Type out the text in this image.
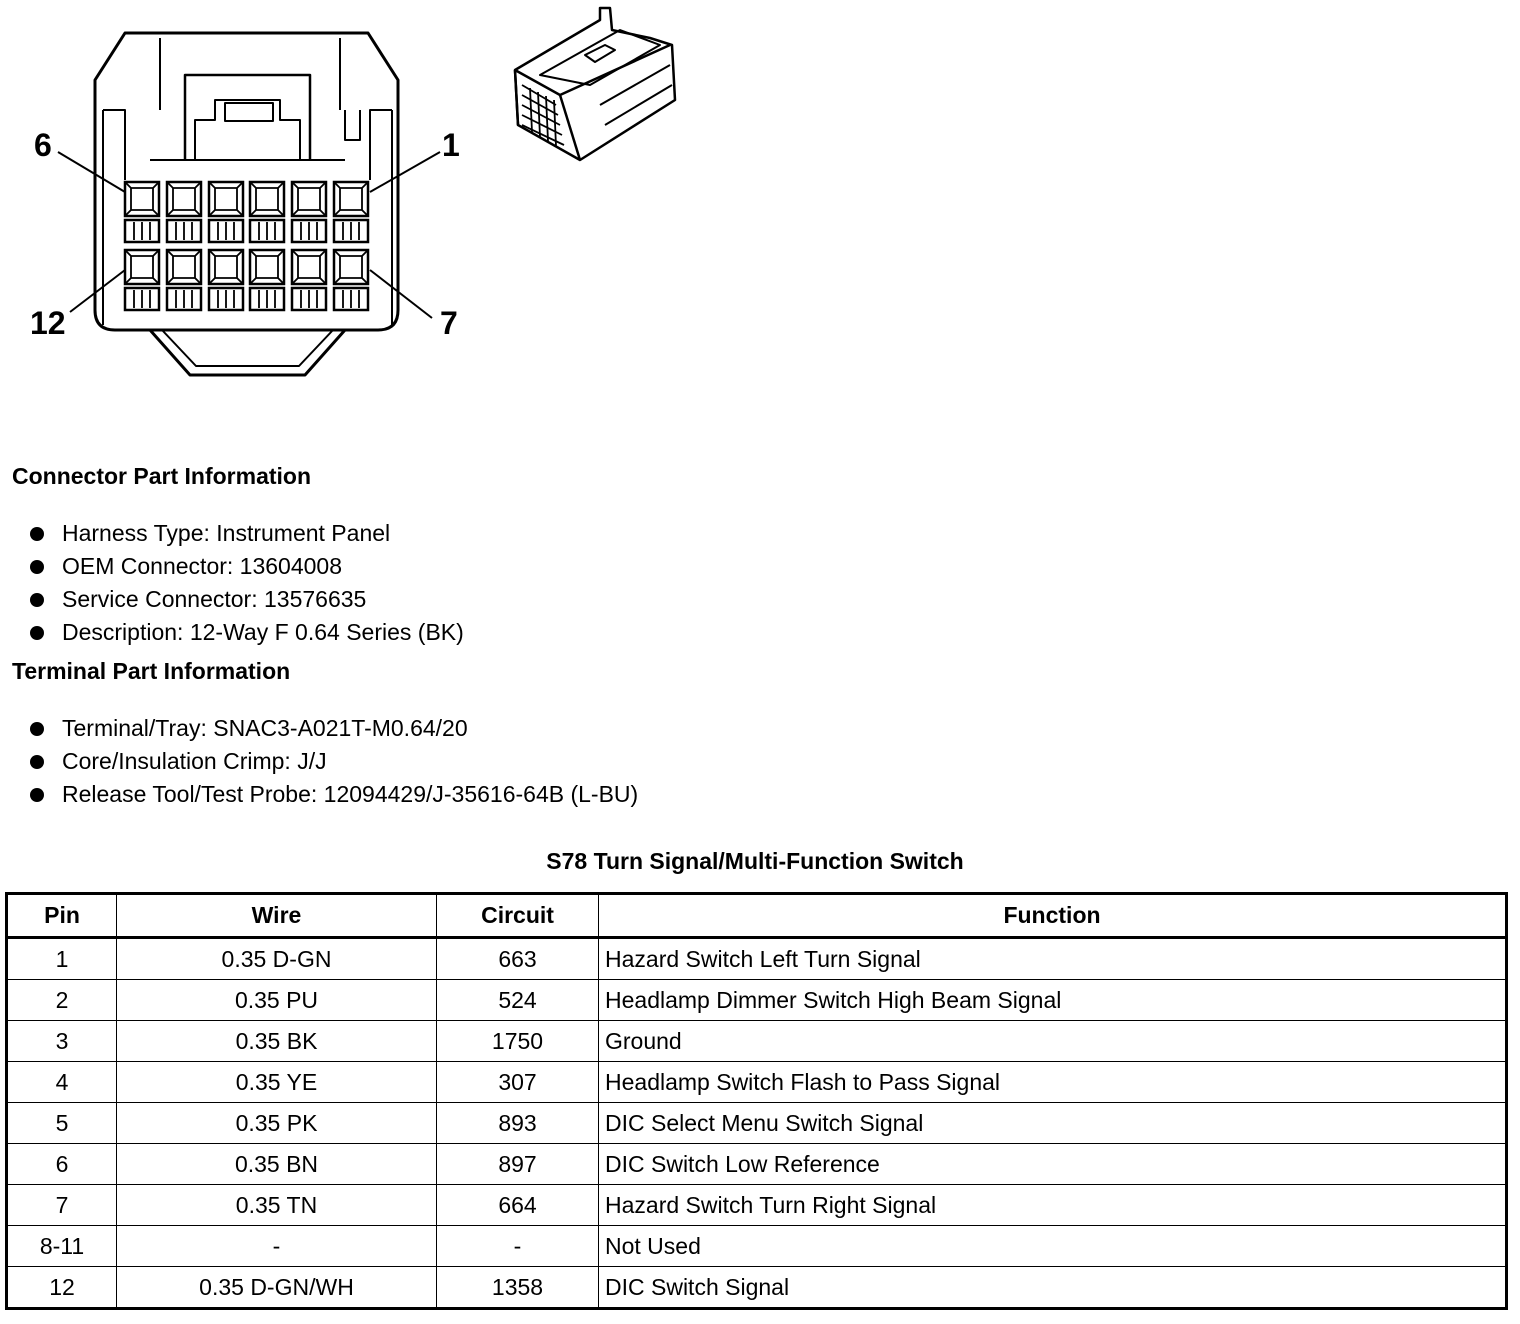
6	1
12	7
Connector Part Information
Harness Type: Instrument Panel
OEM Connector: 13604008
Service Connector: 13576635
Description: 12-Way F 0.64 Series (BK)
Terminal Part Information
Terminal/Tray: SNAC3-A021T-M0.64/20
Core/Insulation Crimp: J/J
Release Tool/Test Probe: 12094429/J-35616-64B (L-BU)
S78 Turn Signal/Multi-Function Switch
Pin	Wire	Circuit	Function
1	0.35 D-GN	663	Hazard Switch Left Turn Signal
2	0.35 PU	524	Headlamp Dimmer Switch High Beam Signal
3	0.35 BK	1750	Ground
4	0.35 YE	307	Headlamp Switch Flash to Pass Signal
5	0.35 PK	893	DIC Select Menu Switch Signal
6	0.35 BN	897	DIC Switch Low Reference
7	0.35 TN	664	Hazard Switch Turn Right Signal
8-11	-	-	Not Used
12	0.35 D-GN/WH	1358	DIC Switch Signal
